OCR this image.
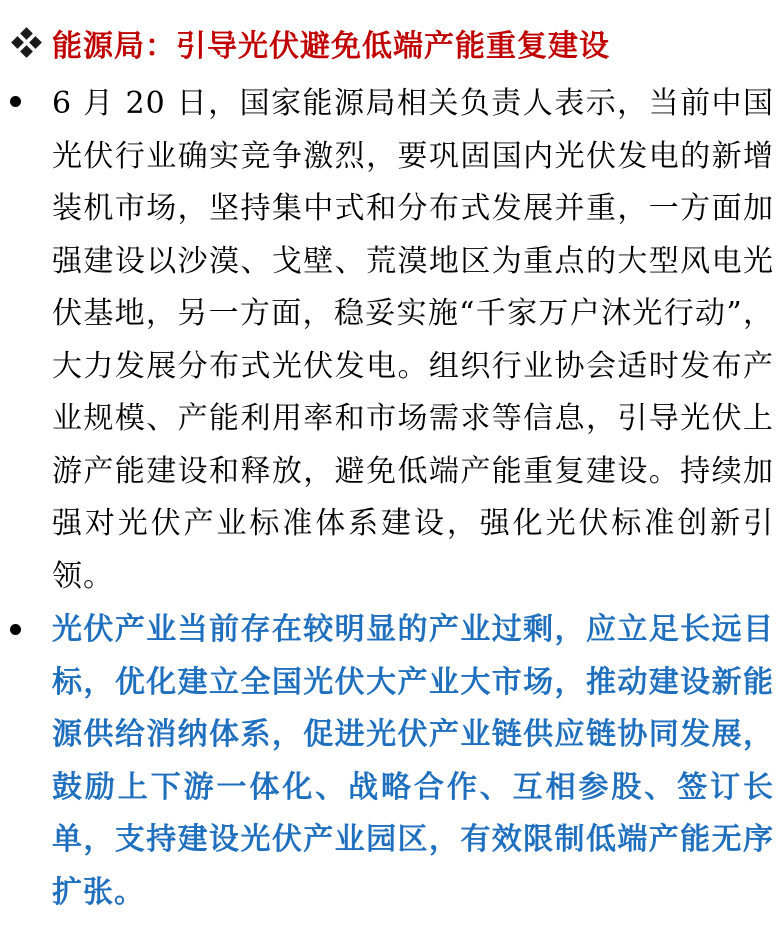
能源局：引导光伏避免低端产能重复建设

6 月 20 日，国家能源局相关负责人表示，当前中国光伏行业确实竞争激烈，要巩固国内光伏发电的新增装机市场，坚持集中式和分布式发展并重，一方面加强建设以沙漠、戈壁、荒漠地区为重点的大型风电光伏基地，另一方面，稳妥实施“千家万户沐光行动”，大力发展分布式光伏发电。组织行业协会适时发布产业规模、产能利用率和市场需求等信息，引导光伏上游产能建设和释放，避免低端产能重复建设。持续加强对光伏产业标准体系建设，强化光伏标准创新引领。

光伏产业当前存在较明显的产业过剩，应立足长远目标，优化建立全国光伏大产业大市场，推动建设新能源供给消纳体系，促进光伏产业链供应链协同发展，鼓励上下游一体化、战略合作、互相参股、签订长单，支持建设光伏产业园区，有效限制低端产能无序扩张。
